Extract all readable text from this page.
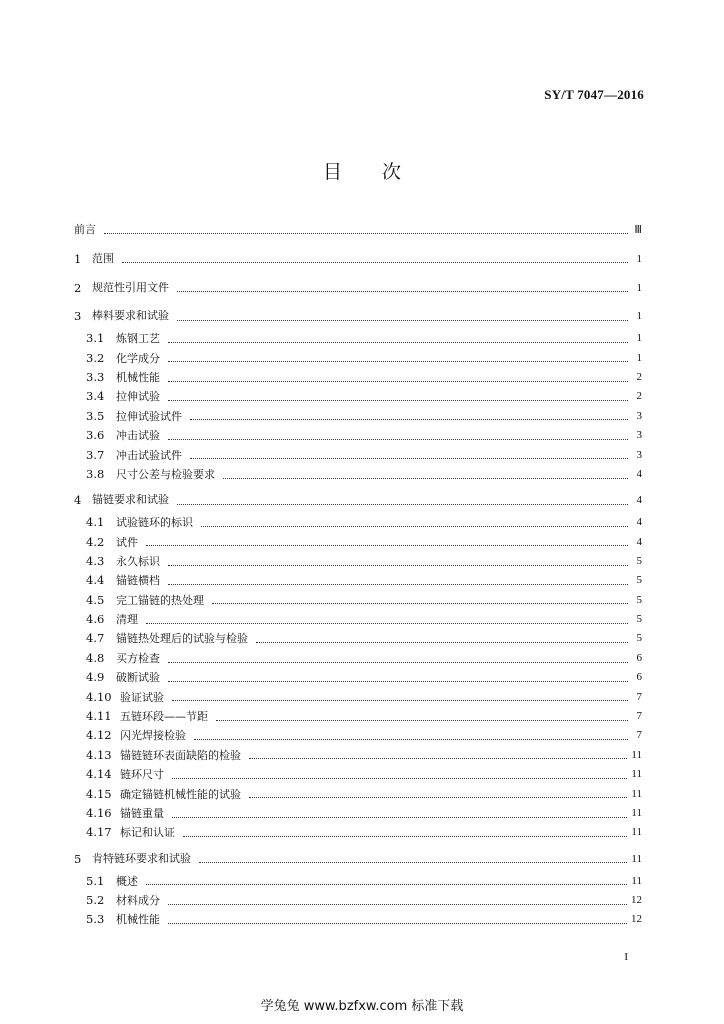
SY/T 7047—2016
目 次
前言	Ⅲ
1 范围	1
2 规范性引用文件	1
3 棒料要求和试验	1
3.1	炼钢工艺	1
3.2	化学成分	1
3.3	机械性能	2
3.4	拉伸试验	2
3.5	拉伸试验试件	3
3.6	冲击试验	3
3.7	冲击试验试件	3
3.8	尺寸公差与检验要求	4
4 锚链要求和试验	4
4.1	试验链环的标识	4
4.2	试件	4
4.3	永久标识	5
4.4	锚链横档	5
4.5	完工锚链的热处理	5
4.6	清理	5
4.7	锚链热处理后的试验与检验	5
4.8	买方检查	6
4.9	破断试验	6
4.10 验证试验	7
4.11 五链环段——节距	7
4.12 闪光焊接检验	7
4.13 锚链链环表面缺陷的检验	11
4.14 链环尺寸	11
4.15 确定锚链机械性能的试验	11
4.16 锚链重量	11
4.17 标记和认证	11
5 肯特链环要求和试验	11
5.1	概述	11
5.2	材料成分	12
5.3	机械性能	12
I
学兔兔 www.bzfxw.com 标准下载
